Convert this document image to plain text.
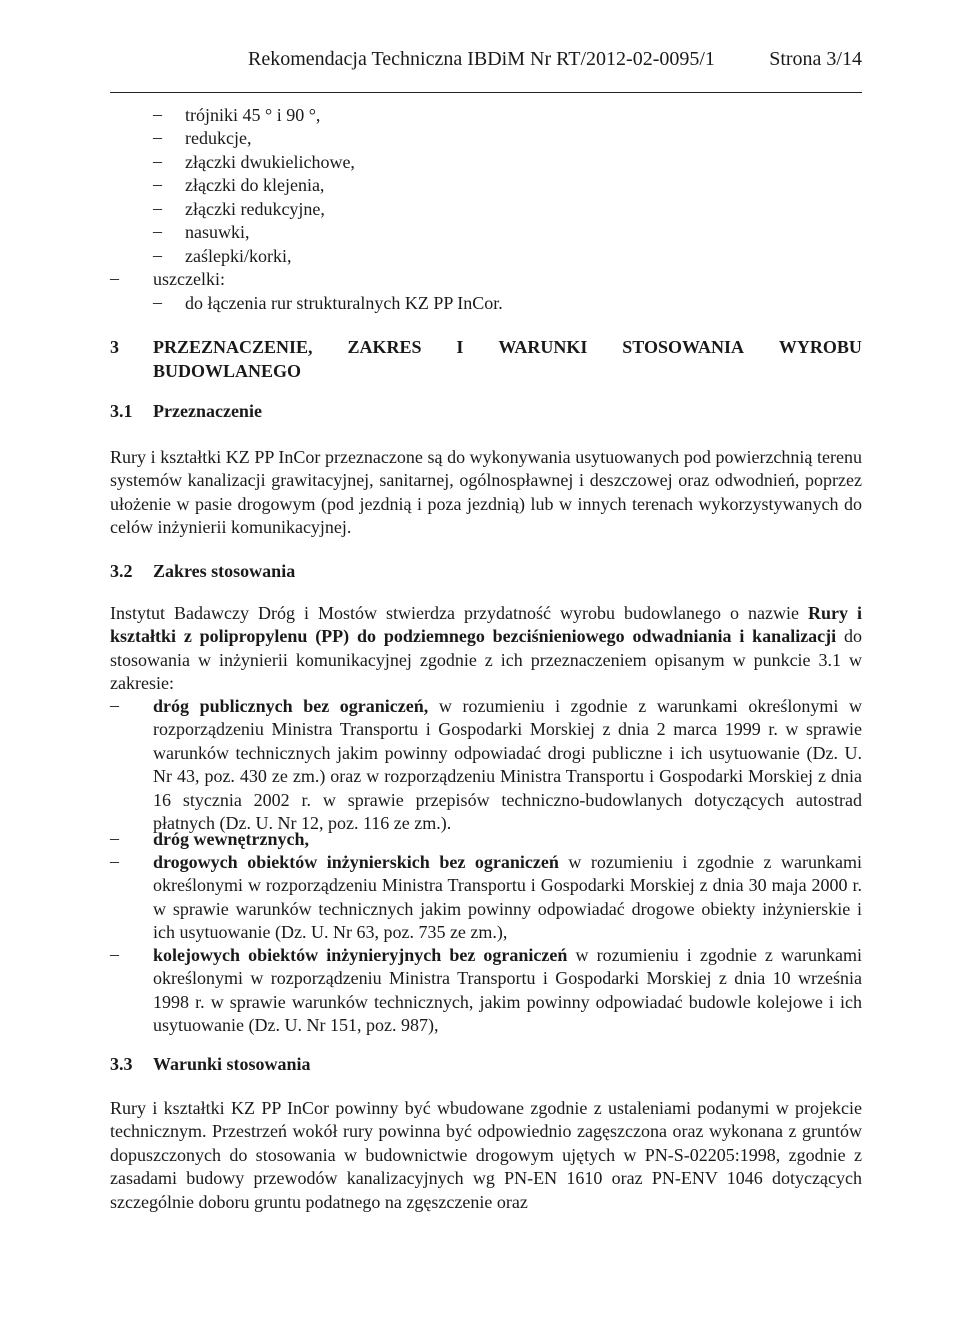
Rekomendacja Techniczna IBDiM Nr RT/2012-02-0095/1	Strona 3/14
– trójniki 45 ° i 90 °,
– redukcje,
– złączki dwukielichowe,
– złączki do klejenia,
– złączki redukcyjne,
– nasuwki,
– zaślepki/korki,
– uszczelki:
– do łączenia rur strukturalnych KZ PP InCor.
3 PRZEZNACZENIE, ZAKRES I WARUNKI STOSOWANIA WYROBU
BUDOWLANEGO
3.1 Przeznaczenie

Rury i kształtki KZ PP InCor przeznaczone są do wykonywania usytuowanych pod powierzchnią terenu systemów kanalizacji grawitacyjnej, sanitarnej, ogólnospławnej i deszczowej oraz odwodnień, poprzez ułożenie w pasie drogowym (pod jezdnią i poza jezdnią) lub w innych terenach wykorzystywanych do celów inżynierii komunikacyjnej.

3.2 Zakres stosowania

Instytut Badawczy Dróg i Mostów stwierdza przydatność wyrobu budowlanego o nazwie Rury i kształtki z polipropylenu (PP) do podziemnego bezciśnieniowego odwadniania i kanalizacji do stosowania w inżynierii komunikacyjnej zgodnie z ich przeznaczeniem opisanym w punkcie 3.1 w zakresie:

– dróg publicznych bez ograniczeń, w rozumieniu i zgodnie z warunkami określonymi w rozporządzeniu Ministra Transportu i Gospodarki Morskiej z dnia 2 marca 1999 r. w sprawie warunków technicznych jakim powinny odpowiadać drogi publiczne i ich usytuowanie (Dz. U. Nr 43, poz. 430 ze zm.) oraz w rozporządzeniu Ministra Transportu i Gospodarki Morskiej z dnia 16 stycznia 2002 r. w sprawie przepisów techniczno-budowlanych dotyczących autostrad płatnych (Dz. U. Nr 12, poz. 116 ze zm.).

– dróg wewnętrznych,

– drogowych obiektów inżynierskich bez ograniczeń w rozumieniu i zgodnie z warunkami określonymi w rozporządzeniu Ministra Transportu i Gospodarki Morskiej z dnia 30 maja 2000 r. w sprawie warunków technicznych jakim powinny odpowiadać drogowe obiekty inżynierskie i ich usytuowanie (Dz. U. Nr 63, poz. 735 ze zm.),

– kolejowych obiektów inżynieryjnych bez ograniczeń w rozumieniu i zgodnie z warunkami określonymi w rozporządzeniu Ministra Transportu i Gospodarki Morskiej z dnia 10 września 1998 r. w sprawie warunków technicznych, jakim powinny odpowiadać budowle kolejowe i ich usytuowanie (Dz. U. Nr 151, poz. 987),

3.3 Warunki stosowania

Rury i kształtki KZ PP InCor powinny być wbudowane zgodnie z ustaleniami podanymi w projekcie technicznym. Przestrzeń wokół rury powinna być odpowiednio zagęszczona oraz wykonana z gruntów dopuszczonych do stosowania w budownictwie drogowym ujętych w PN-S-02205:1998, zgodnie z zasadami budowy przewodów kanalizacyjnych wg PN-EN 1610 oraz PN-ENV 1046 dotyczących szczególnie doboru gruntu podatnego na zgęszczenie oraz
